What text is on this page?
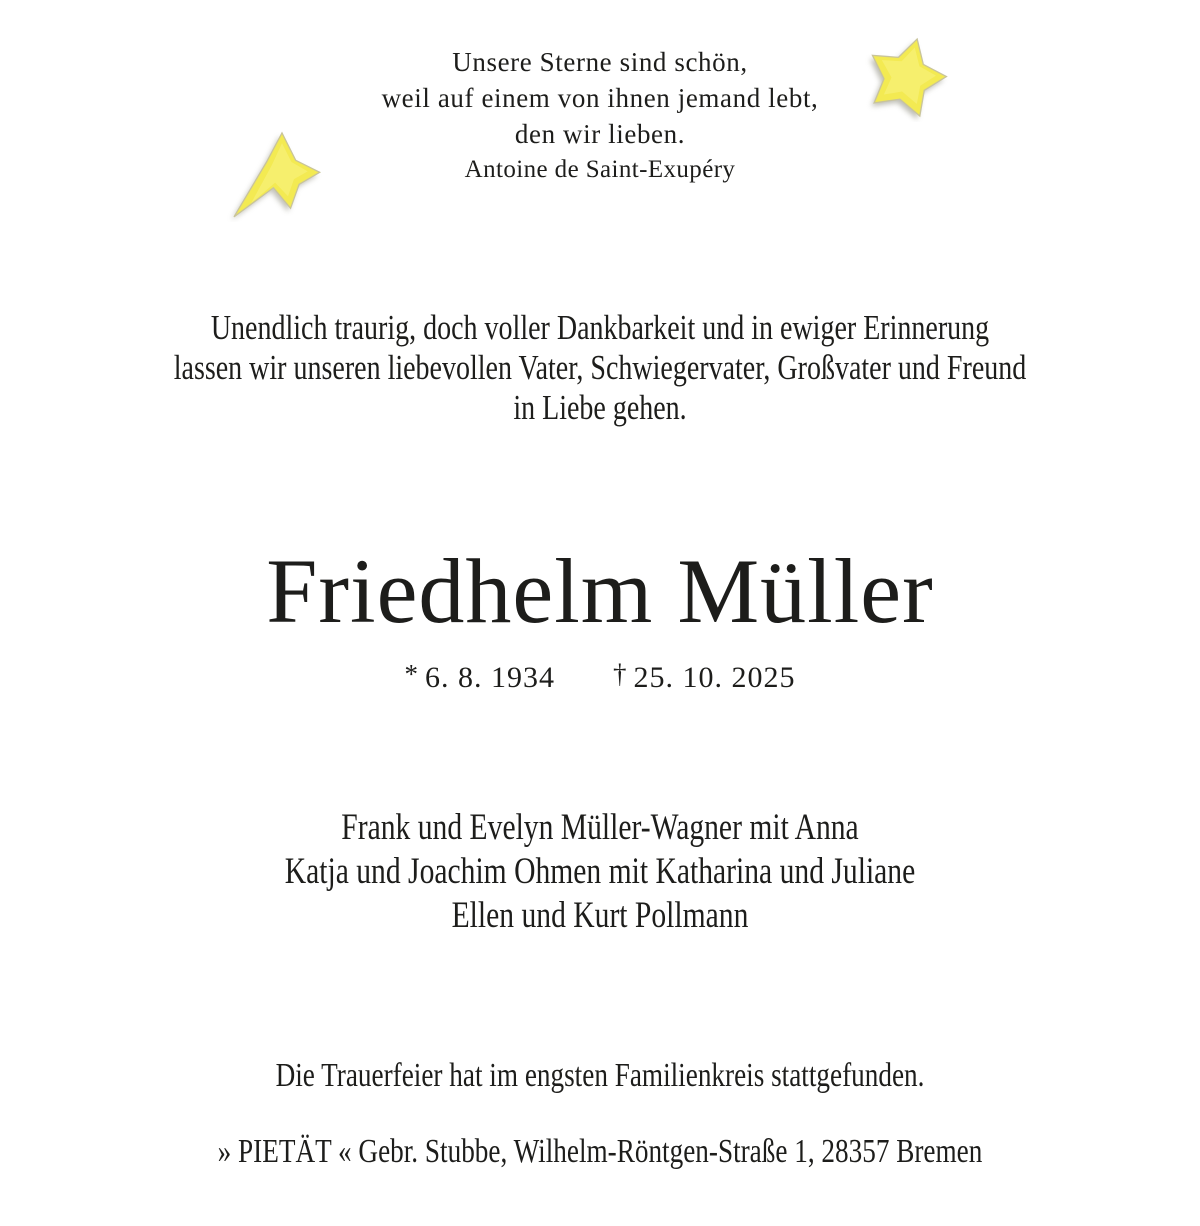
Unsere Sterne sind schön,
weil auf einem von ihnen jemand lebt,
den wir lieben.
Antoine de Saint-Exupéry
Unendlich traurig, doch voller Dankbarkeit und in ewiger Erinnerung
lassen wir unseren liebevollen Vater, Schwiegervater, Großvater und Freund
in Liebe gehen.
Friedhelm Müller
* 6. 8. 1934 † 25. 10. 2025
Frank und Evelyn Müller-Wagner mit Anna
Katja und Joachim Ohmen mit Katharina und Juliane
Ellen und Kurt Pollmann
Die Trauerfeier hat im engsten Familienkreis stattgefunden.
» PIETÄT « Gebr. Stubbe, Wilhelm-Röntgen-Straße 1, 28357 Bremen
